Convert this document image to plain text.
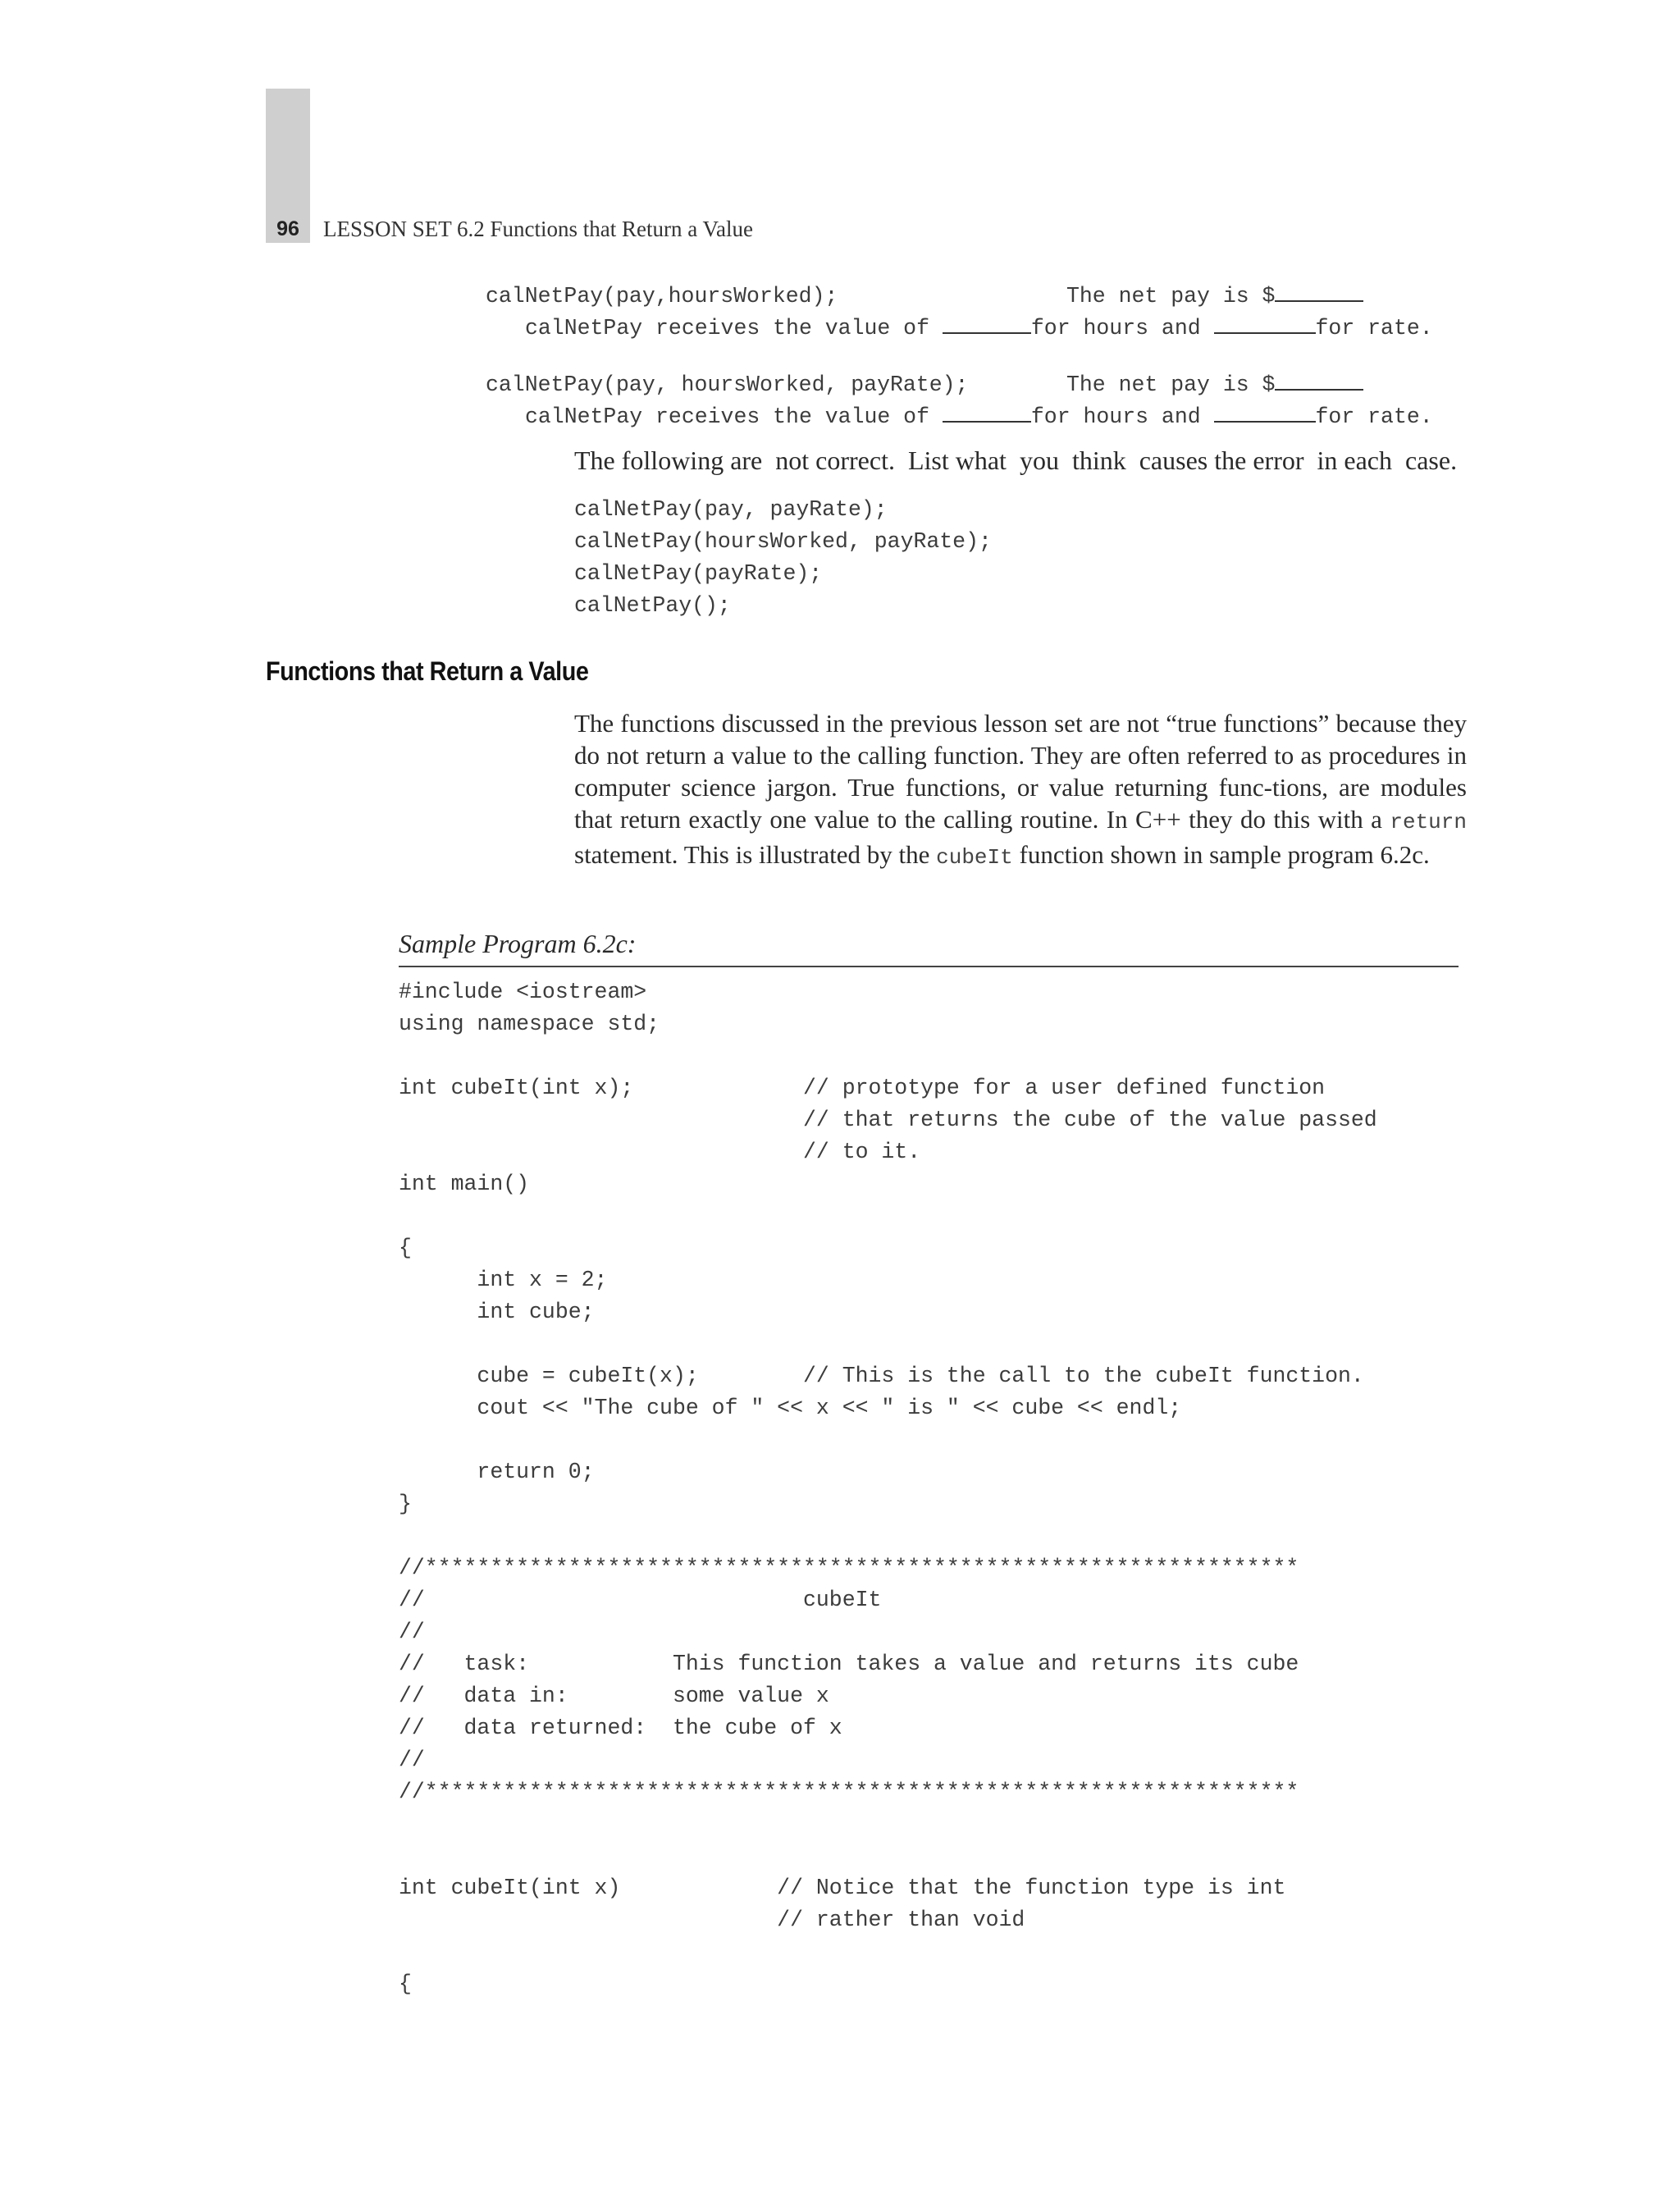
96	LESSON SET 6.2 Functions that Return a Value
calNetPay(pay,hoursWorked);	The net pay is $
calNetPay receives the value of	for hours and	for rate.
calNetPay(pay, hoursWorked, payRate);	The net pay is $
calNetPay receives the value of	for hours and	for rate.
The following are  not correct.  List what  you  think  causes the error  in each  case.
calNetPay(pay, payRate);
calNetPay(hoursWorked, payRate);
calNetPay(payRate);
calNetPay();
Functions that Return a Value
The functions discussed in the previous lesson set are not “true functions” because they do not return a value to the calling function. They are often referred to as procedures in computer science jargon. True functions, or value returning func-tions, are modules that return exactly one value to the calling routine. In C++ they do this with a return statement. This is illustrated by the cubeIt function shown in sample program 6.2c.
Sample Program 6.2c:
#include <iostream>
using namespace std;
int cubeIt(int x);             // prototype for a user defined function
// that returns the cube of the value passed
// to it.
int main()
{
int x = 2;
int cube;
cube = cubeIt(x);        // This is the call to the cubeIt function.
cout << "The cube of " << x << " is " << cube << endl;
return 0;
}
//*******************************************************************
//                             cubeIt
//
//   task:           This function takes a value and returns its cube
//   data in:        some value x
//   data returned:  the cube of x
//
//*******************************************************************
int cubeIt(int x)            // Notice that the function type is int
// rather than void
{
